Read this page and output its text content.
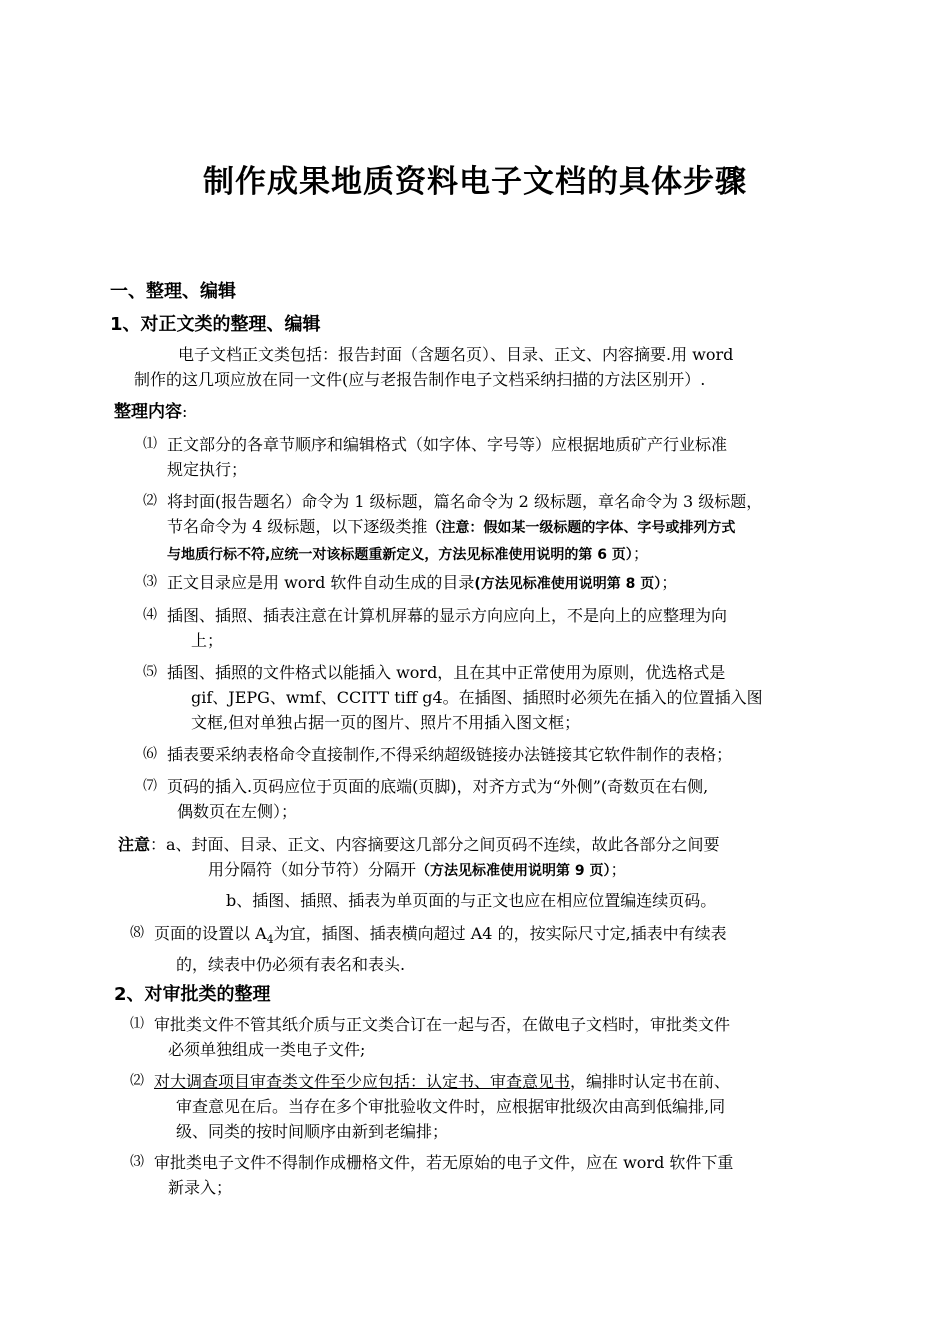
制作成果地质资料电子文档的具体步骤
一、整理、编辑
1、对正文类的整理、编辑
电子文档正文类包括：报告封面（含题名页）、目录、正文、内容摘要.用 word
制作的这几项应放在同一文件(应与老报告制作电子文档采纳扫描的方法区别开）.
整理内容:
⑴ 正文部分的各章节顺序和编辑格式（如字体、字号等）应根据地质矿产行业标准
规定执行；
⑵ 将封面(报告题名）命令为 1 级标题，篇名命令为 2 级标题，章名命令为 3 级标题，
节名命令为 4 级标题，以下逐级类推（注意：假如某一级标题的字体、字号或排列方式
与地质行标不符,应统一对该标题重新定义，方法见标准使用说明的第 6 页）；
⑶ 正文目录应是用 word 软件自动生成的目录(方法见标准使用说明第 8 页）；
⑷ 插图、插照、插表注意在计算机屏幕的显示方向应向上，不是向上的应整理为向
上；
⑸ 插图、插照的文件格式以能插入 word，且在其中正常使用为原则，优选格式是
gif、JEPG、wmf、CCITT tiff g4。在插图、插照时必须先在插入的位置插入图
文框,但对单独占据一页的图片、照片不用插入图文框；
⑹ 插表要采纳表格命令直接制作,不得采纳超级链接办法链接其它软件制作的表格；
⑺ 页码的插入.页码应位于页面的底端(页脚)，对齐方式为“外侧”(奇数页在右侧,
偶数页在左侧）；
注意：a、封面、目录、正文、内容摘要这几部分之间页码不连续，故此各部分之间要
用分隔符（如分节符）分隔开（方法见标准使用说明第 9 页）；
b、插图、插照、插表为单页面的与正文也应在相应位置编连续页码。
⑻ 页面的设置以 $A_4$为宜，插图、插表横向超过 A4 的，按实际尺寸定,插表中有续表
的，续表中仍必须有表名和表头.
2、对审批类的整理
⑴ 审批类文件不管其纸介质与正文类合订在一起与否，在做电子文档时，审批类文件
必须单独组成一类电子文件;
⑵ 对大调查项目审查类文件至少应包括：认定书、审查意见书，编排时认定书在前、
审查意见在后。当存在多个审批验收文件时，应根据审批级次由高到低编排,同
级、同类的按时间顺序由新到老编排；
⑶ 审批类电子文件不得制作成栅格文件，若无原始的电子文件，应在 word 软件下重
新录入；
